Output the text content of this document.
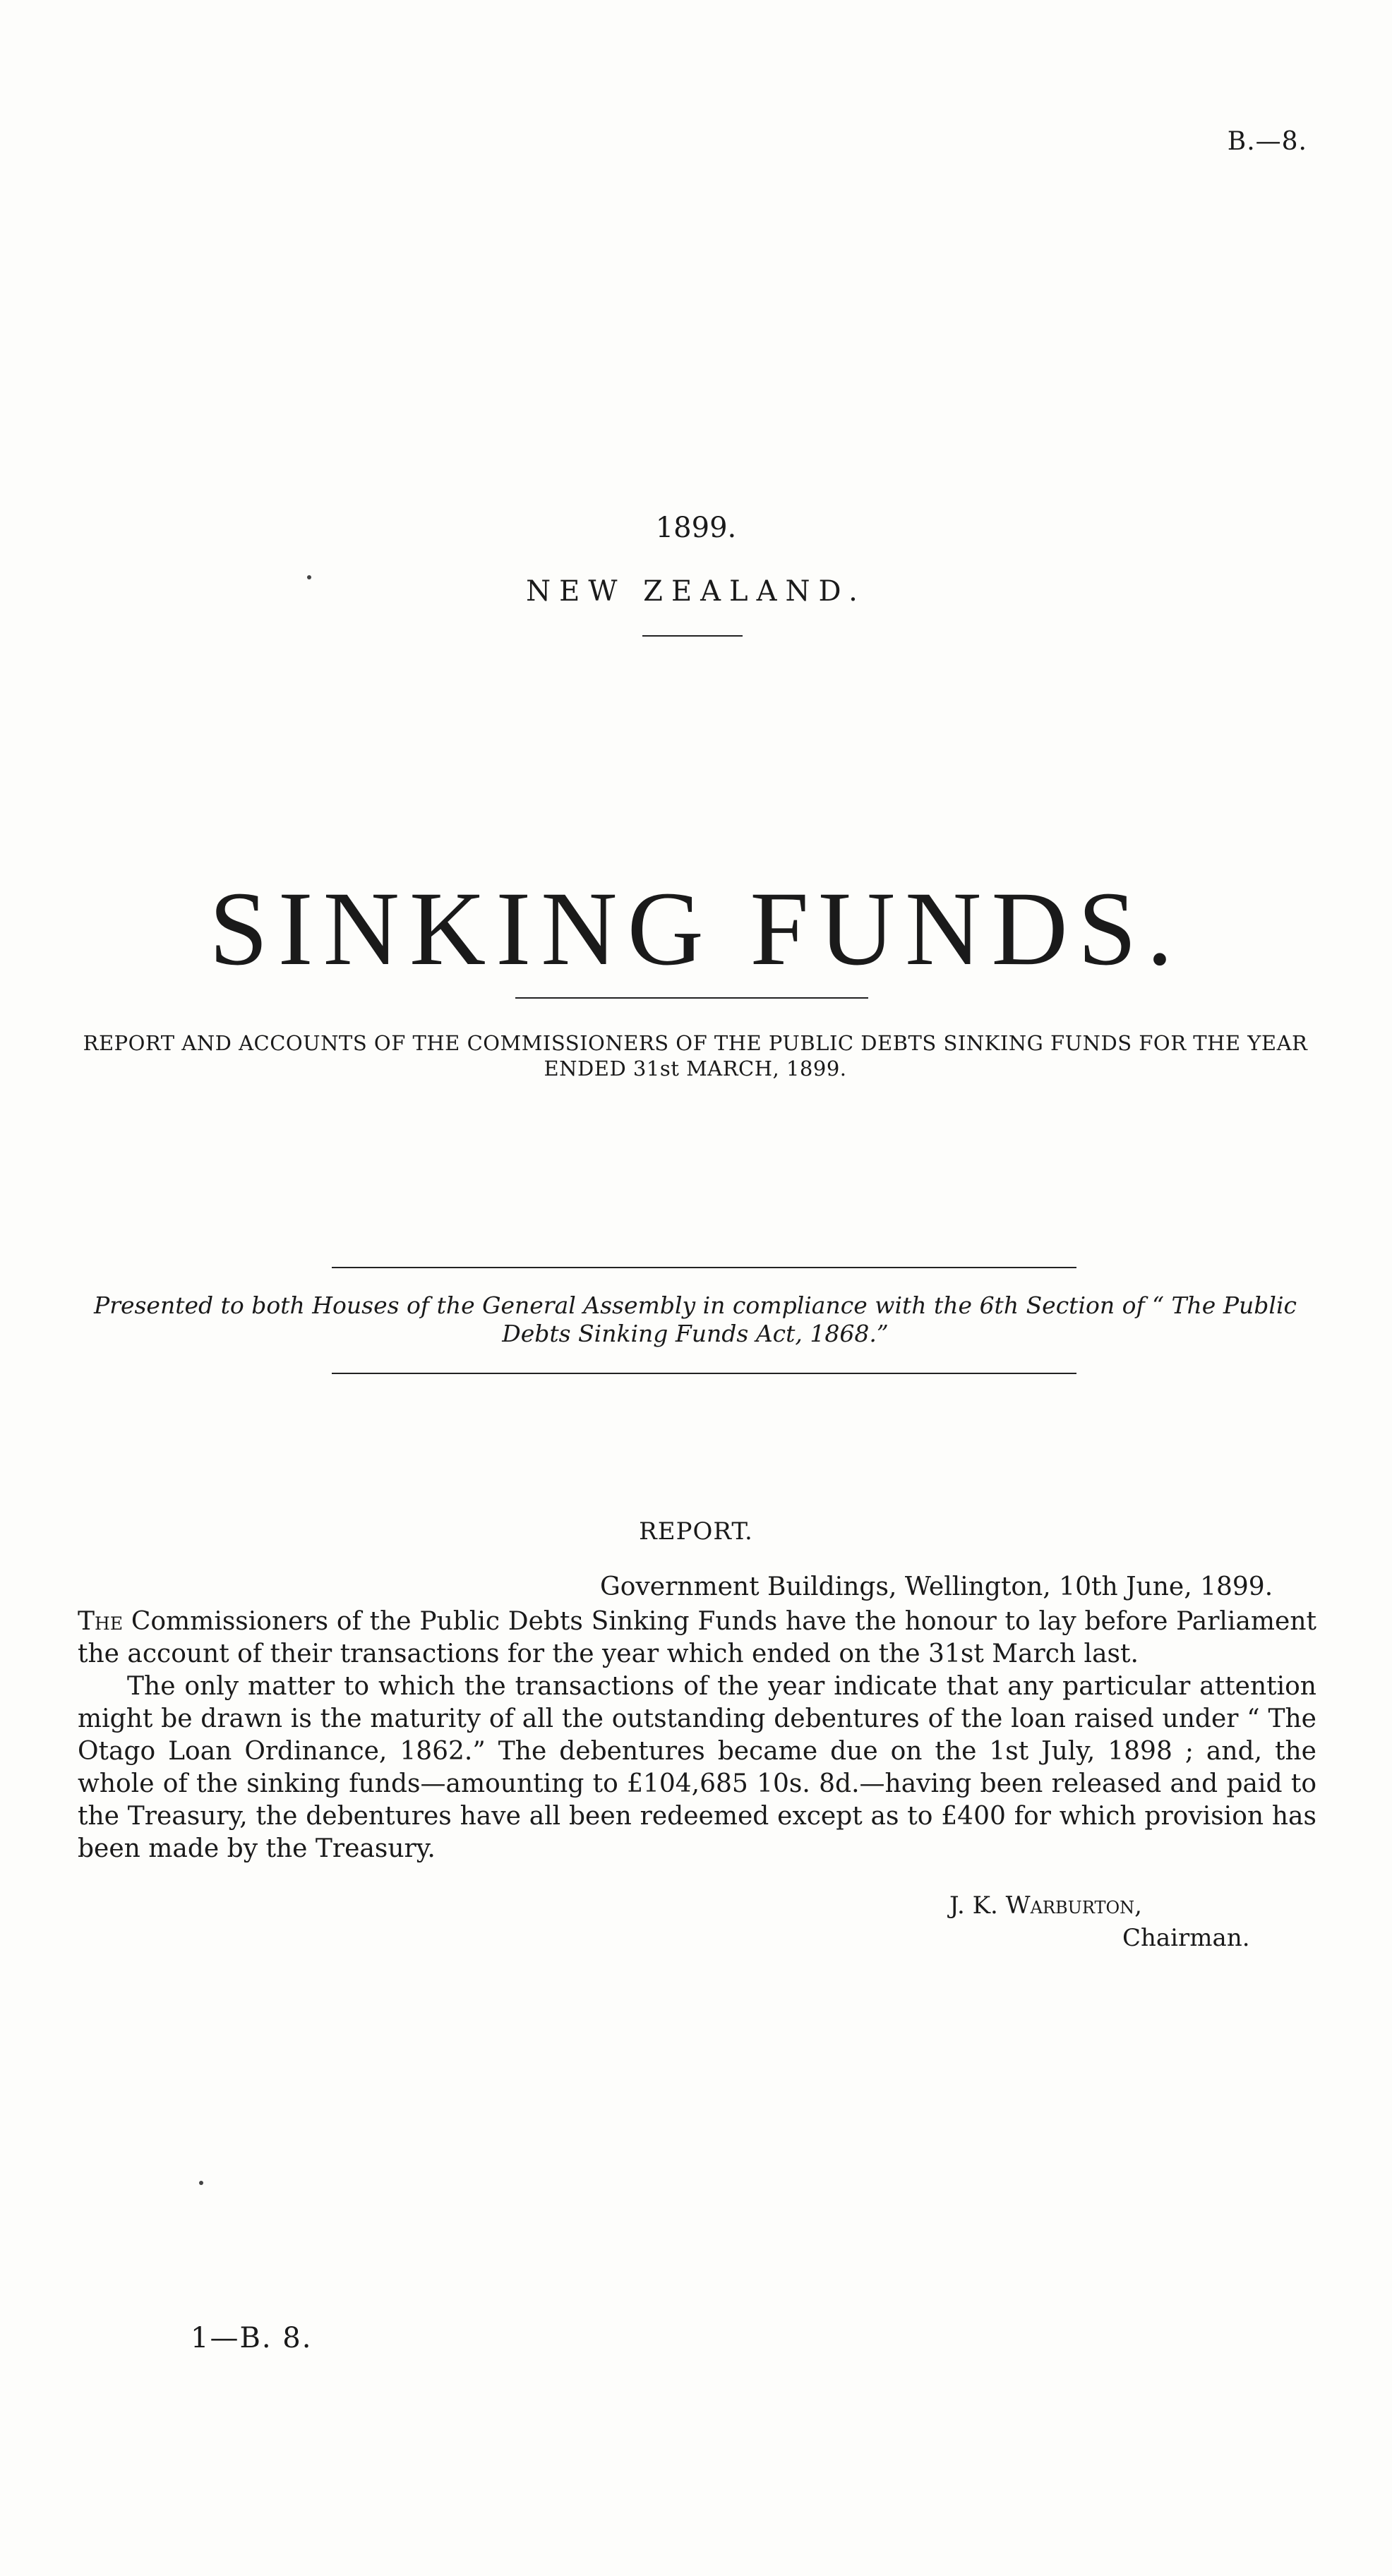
B.—8.
1899.
NEW ZEALAND.
SINKING FUNDS.
REPORT AND ACCOUNTS OF THE COMMISSIONERS OF THE PUBLIC DEBTS SINKING FUNDS FOR THE YEAR ENDED 31st MARCH, 1899.
Presented to both Houses of the General Assembly in compliance with the 6th Section of “ The Public Debts Sinking Funds Act, 1868.”
REPORT.
Government Buildings, Wellington, 10th June, 1899.

The Commissioners of the Public Debts Sinking Funds have the honour to lay before Parliament the account of their transactions for the year which ended on the 31st March last.

The only matter to which the transactions of the year indicate that any particular attention might be drawn is the maturity of all the outstanding debentures of the loan raised under “ The Otago Loan Ordinance, 1862.” The debentures became due on the 1st July, 1898 ; and, the whole of the sinking funds—amounting to £104,685 10s. 8d.—having been released and paid to the Treasury, the debentures have all been redeemed except as to £400 for which provision has been made by the Treasury.

J. K. Warburton,
Chairman.
1—B. 8.
